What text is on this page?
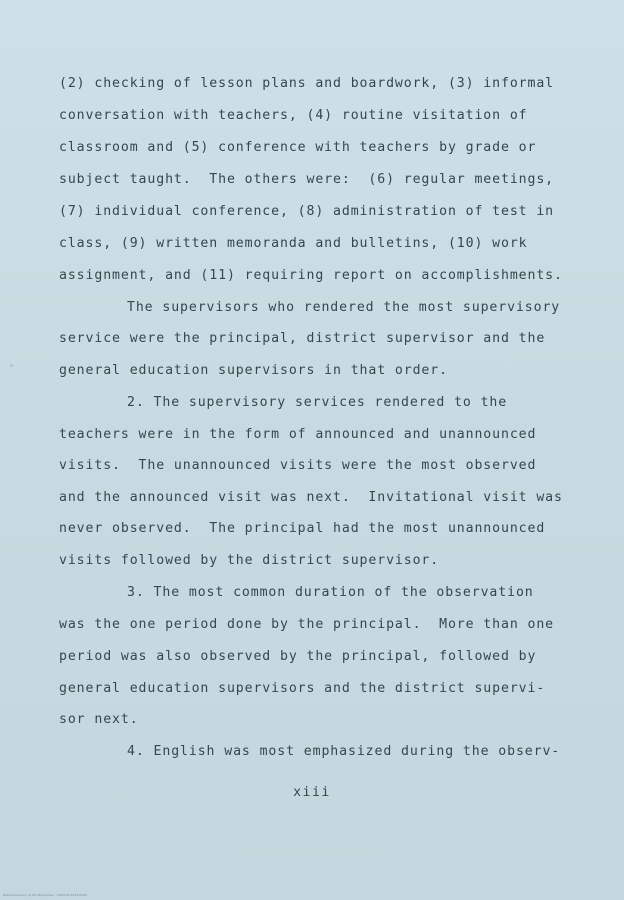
(2) checking of lesson plans and boardwork, (3) informal
conversation with teachers, (4) routine visitation of
classroom and (5) conference with teachers by grade or
subject taught.  The others were:  (6) regular meetings,
(7) individual conference, (8) administration of test in
class, (9) written memoranda and bulletins, (10) work
assignment, and (11) requiring report on accomplishments.
The supervisors who rendered the most supervisory
service were the principal, district supervisor and the
general education supervisors in that order.
2. The supervisory services rendered to the
teachers were in the form of announced and unannounced
visits.  The unannounced visits were the most observed
and the announced visit was next.  Invitational visit was
never observed.  The principal had the most unannounced
visits followed by the district supervisor.
3. The most common duration of the observation
was the one period done by the principal.  More than one
period was also observed by the principal, followed by
general education supervisors and the district supervi-
sor next.
4. English was most emphasized during the observ-
xiii
National Library of the Philippines · ALIPHAN 2019-0000
